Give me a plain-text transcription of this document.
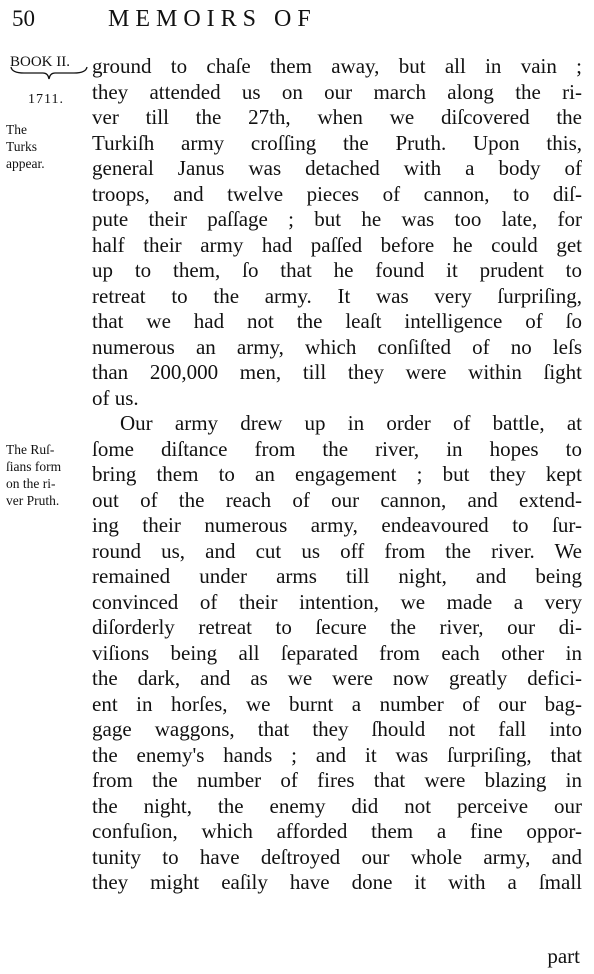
50	MEMOIRS OF
BOOK II.
1711.
The
Turks
appear.
The Ruſ-
ſians form
on the ri-
ver Pruth.
ground to chaſe them away, but all in vain ;
they attended us on our march along the ri-
ver till the 27th, when we diſcovered the
Turkiſh army croſſing the Pruth. Upon this,
general Janus was detached with a body of
troops, and twelve pieces of cannon, to diſ-
pute their paſſage ; but he was too late, for
half their army had paſſed before he could get
up to them, ſo that he found it prudent to
retreat to the army. It was very ſurpriſing,
that we had not the leaſt intelligence of ſo
numerous an army, which conſiſted of no leſs
than 200,000 men, till they were within ſight
of us.
Our army drew up in order of battle, at
ſome diſtance from the river, in hopes to
bring them to an engagement ; but they kept
out of the reach of our cannon, and extend-
ing their numerous army, endeavoured to ſur-
round us, and cut us off from the river. We
remained under arms till night, and being
convinced of their intention, we made a very
diſorderly retreat to ſecure the river, our di-
viſions being all ſeparated from each other in
the dark, and as we were now greatly defici-
ent in horſes, we burnt a number of our bag-
gage waggons, that they ſhould not fall into
the enemy's hands ; and it was ſurpriſing, that
from the number of fires that were blazing in
the night, the enemy did not perceive our
confuſion, which afforded them a fine oppor-
tunity to have deſtroyed our whole army, and
they might eaſily have done it with a ſmall
part
